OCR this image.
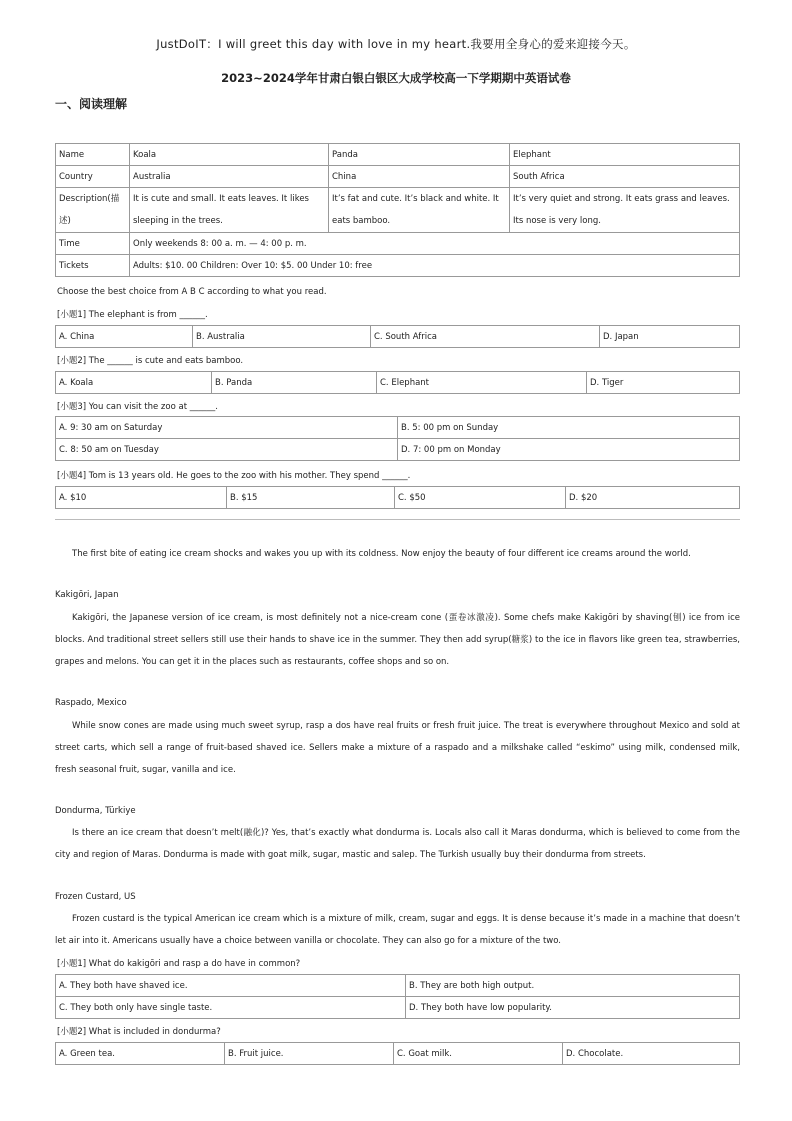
JustDoIT：I will greet this day with love in my heart.我要用全身心的爱来迎接今天。
2023~2024学年甘肃白银白银区大成学校高一下学期期中英语试卷
一、阅读理解
Name	Koala	Panda	Elephant
Country	Australia	China	South Africa
Description(描述)	It is cute and small. It eats leaves. It likes sleeping in the trees.	It’s fat and cute. It’s black and white. It eats bamboo.	It’s very quiet and strong. It eats grass and leaves. Its nose is very long.
Time	Only weekends 8: 00 a. m. — 4: 00 p. m.		
Tickets	Adults: $10. 00 Children: Over 10: $5. 00 Under 10: free		
Choose the best choice from A B C according to what you read.
[小题1] The elephant is from ______.
A. China	B. Australia	C. South Africa	D. Japan
[小题2] The ______ is cute and eats bamboo.
A. Koala	B. Panda	C. Elephant	D. Tiger
[小题3] You can visit the zoo at ______.
A. 9: 30 am on Saturday	B. 5: 00 pm on Sunday
C. 8: 50 am on Tuesday	D. 7: 00 pm on Monday
[小题4] Tom is 13 years old. He goes to the zoo with his mother. They spend ______.
A. $10	B. $15	C. $50	D. $20

The first bite of eating ice cream shocks and wakes you up with its coldness. Now enjoy the beauty of four different ice creams around the world.

Kakigōri, Japan

Kakigōri, the Japanese version of ice cream, is most definitely not a nice-cream cone (蛋卷冰激凌). Some chefs make Kakigōri by shaving(刨) ice from ice blocks. And traditional street sellers still use their hands to shave ice in the summer. They then add syrup(糖浆) to the ice in flavors like green tea, strawberries, grapes and melons. You can get it in the places such as restaurants, coffee shops and so on.

Raspado, Mexico

While snow cones are made using much sweet syrup, rasp a dos have real fruits or fresh fruit juice. The treat is everywhere throughout Mexico and sold at street carts, which sell a range of fruit-based shaved ice. Sellers make a mixture of a raspado and a milkshake called “eskimo” using milk, condensed milk, fresh seasonal fruit, sugar, vanilla and ice.

Dondurma, Türkiye

Is there an ice cream that doesn’t melt(融化)? Yes, that’s exactly what dondurma is. Locals also call it Maras dondurma, which is believed to come from the city and region of Maras. Dondurma is made with goat milk, sugar, mastic and salep. The Turkish usually buy their dondurma from streets.

Frozen Custard, US

Frozen custard is the typical American ice cream which is a mixture of milk, cream, sugar and eggs. It is dense because it’s made in a machine that doesn’t let air into it. Americans usually have a choice between vanilla or chocolate. They can also go for a mixture of the two.

[小题1] What do kakigōri and rasp a do have in common?
A. They both have shaved ice.	B. They are both high output.
C. They both only have single taste.	D. They both have low popularity.
[小题2] What is included in dondurma?
A. Green tea.	B. Fruit juice.	C. Goat milk.	D. Chocolate.
